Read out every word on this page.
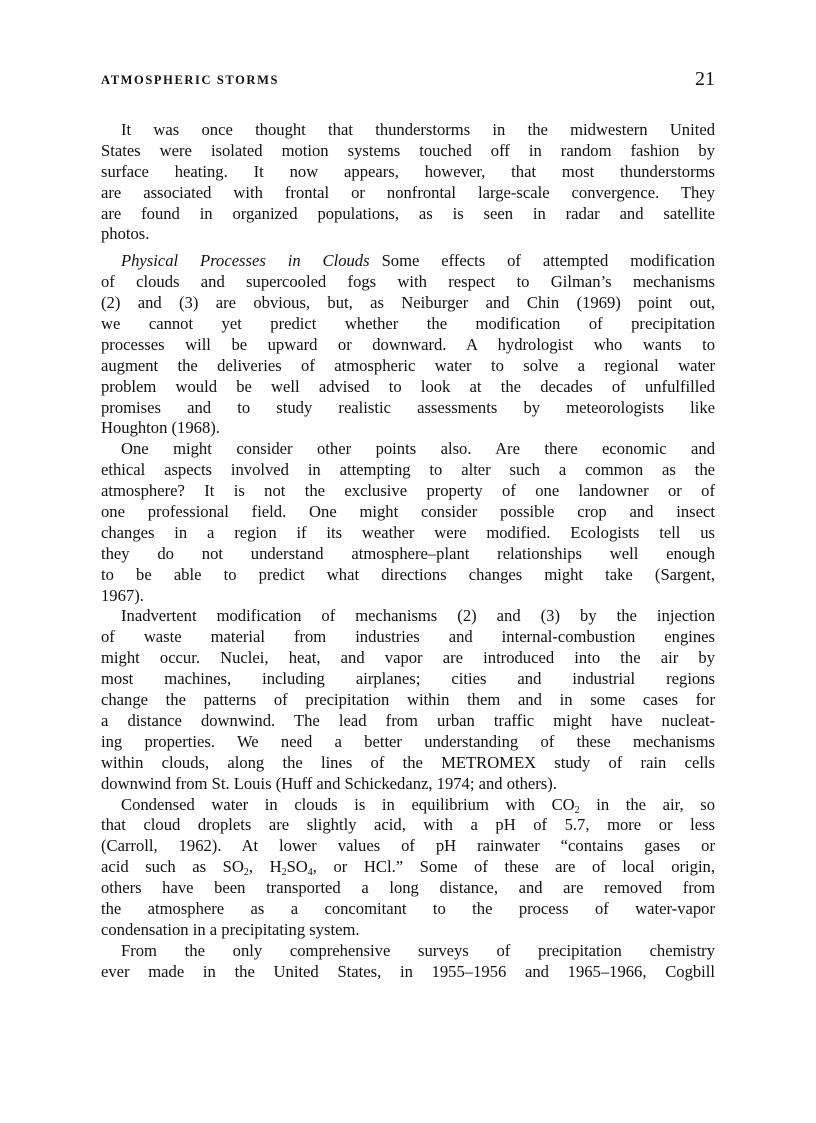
ATMOSPHERIC STORMS	21
It was once thought that thunderstorms in the midwestern United
States were isolated motion systems touched off in random fashion by
surface heating. It now appears, however, that most thunderstorms
are associated with frontal or nonfrontal large-scale convergence. They
are found in organized populations, as is seen in radar and satellite
photos.
Physical Processes in Clouds Some effects of attempted modification
of clouds and supercooled fogs with respect to Gilman’s mechanisms
(2) and (3) are obvious, but, as Neiburger and Chin (1969) point out,
we cannot yet predict whether the modification of precipitation
processes will be upward or downward. A hydrologist who wants to
augment the deliveries of atmospheric water to solve a regional water
problem would be well advised to look at the decades of unfulfilled
promises and to study realistic assessments by meteorologists like
Houghton (1968).
One might consider other points also. Are there economic and
ethical aspects involved in attempting to alter such a common as the
atmosphere? It is not the exclusive property of one landowner or of
one professional field. One might consider possible crop and insect
changes in a region if its weather were modified. Ecologists tell us
they do not understand atmosphere–plant relationships well enough
to be able to predict what directions changes might take (Sargent,
1967).
Inadvertent modification of mechanisms (2) and (3) by the injection
of waste material from industries and internal-combustion engines
might occur. Nuclei, heat, and vapor are introduced into the air by
most machines, including airplanes; cities and industrial regions
change the patterns of precipitation within them and in some cases for
a distance downwind. The lead from urban traffic might have nucleat-
ing properties. We need a better understanding of these mechanisms
within clouds, along the lines of the METROMEX study of rain cells
downwind from St. Louis (Huff and Schickedanz, 1974; and others).
Condensed water in clouds is in equilibrium with $CO_2$ in the air, so
that cloud droplets are slightly acid, with a pH of 5.7, more or less
(Carroll, 1962). At lower values of pH rainwater “contains gases or
acid such as $SO_2$, $H_2SO_4$, or HCl.” Some of these are of local origin,
others have been transported a long distance, and are removed from
the atmosphere as a concomitant to the process of water-vapor
condensation in a precipitating system.
From the only comprehensive surveys of precipitation chemistry
ever made in the United States, in 1955–1956 and 1965–1966, Cogbill
